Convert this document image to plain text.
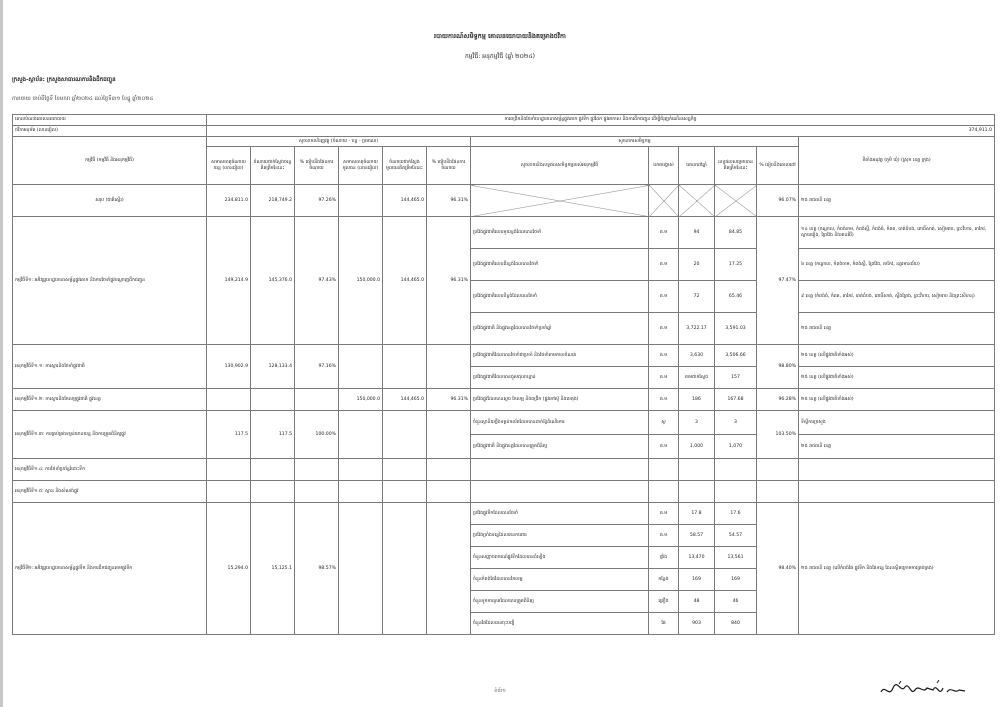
របាយការណ៍សមិទ្ធកម្ម គោលនយោបាយនិងគម្រោងថវិកា
កម្មវិធី: អនុកម្មវិធី (ឆ្នាំ ២០២៤)
ក្រសួង-ស្ថាប័ន: ក្រសួងសាធារណការនិងដឹកជញ្ជូន
ការបរាយ ចាប់ពីថ្ងៃទី ខែមករា ឆ្នាំ២០២៤ ដល់ថ្ងៃទី៣១ ខែធ្នូ ឆ្នាំ២០២៤
គោលបំណងគោលនយោបាយ	ការពង្រីកនិងថែទាំហេដ្ឋារចនាសម្ព័ន្ធផ្លូវគោក ផ្លូវទឹក ផ្លូវដែក ផ្លូវអាកាស និងការដឹកជញ្ជូន ដើម្បីជំរុញកំណើនសេដ្ឋកិច្ច											
ថវិកាអនុម័ត (លានរៀល)	374,911.0											
កម្មវិធី (កម្មវិធី និងអនុកម្មវិធី)	សូចនាករហិរញ្ញវត្ថុ (ចំណាយ - បន្ត - ប្រមាណ)						សូចនាករសមិទ្ធកម្ម					ទីតាំងអនុវត្ត (ភូមិ ឃុំ) (ស្រុក ខេត្ត ក្រុង)
	សមាសធាតុចំណាយចរន្ត (លានរៀល)	ចំណាយជាក់ស្តែងចរន្តគិតត្រឹមខែនេះ	% ធៀបនឹងផែនការចំណាយ	សមាសធាតុចំណាយមូលធន (លានរៀល)	ចំណាយជាក់ស្តែងមូលធនគិតត្រឹមខែនេះ	% ធៀបនឹងផែនការចំណាយ	សូចនាករនិងលទ្ធផលសមិទ្ធកម្មរបស់អនុកម្មវិធី	ឯកតារង្វាស់	គោលដៅឆ្នាំ	លទ្ធផលសម្រេចបានគិតត្រឹមខែនេះ	% ធៀបនឹងគោលដៅ	
សរុប (ជាតិស្ទើរ)	234,811.0	218,749.2	97.26%		144,465.0	96.31%					96.07%	២៥ រាជធានី ខេត្ត
កម្មវិធីទី១: អភិវឌ្ឍហេដ្ឋារចនាសម្ព័ន្ធផ្លូវគោក និងការថែទាំផ្លូវបណ្តាញដឹកជញ្ជូន	149,214.9	145,376.0	97.43%	150,000.0	144,465.0	96.31%	ប្រវែងផ្លូវជាតិលេខមួយខ្ទង់ដែលបានថែទាំ	គ.ម	94	84.85	97.47%	១៤ ខេត្ត (កណ្តាល, កំពង់ចាម, កំពង់ស្ពឺ, កំពង់ធំ, កំពត, បាត់ដំបង, ពោធិ៍សាត់, សៀមរាប, ព្រះវិហារ, តាកែវ, ស្វាយរៀង, ព្រៃវែង និងរតនគិរី)
							ប្រវែងផ្លូវជាតិលេខពីរខ្ទង់ដែលបានថែទាំ	គ.ម	20	17.25		៦ ខេត្ត (កណ្តាល, កំពង់ចាម, កំពង់ស្ពឺ, ព្រៃវែង, តាកែវ, ឧត្តរមានជ័យ)
							ប្រវែងផ្លូវជាតិលេខបីខ្ទង់ដែលបានថែទាំ	គ.ម	72	65.46		៩ ខេត្ត (កំពង់ធំ, កំពត, តាកែវ, បាត់ដំបង, ពោធិ៍សាត់, ស្ទឹងត្រែង, ព្រះវិហារ, សៀមរាប និងព្រះសីហនុ)
							ប្រវែងផ្លូវជាតិ និងផ្លូវខេត្តដែលបានថែទាំប្រចាំឆ្នាំ	គ.ម	3,722.17	3,591.03		២៥ រាជធានី ខេត្ត
អនុកម្មវិធីទី១.១: ការស្តារនិងថែទាំផ្លូវជាតិ	130,902.9	128,133.4	97.16%				ប្រវែងផ្លូវជាតិដែលបានថែទាំជាប្រចាំ និងថែទាំតាមកាលកំណត់	គ.ម	3,630	3,506.66	98.80%	២៥ ខេត្ត (លើផ្លូវជាតិទាំងអស់)
							ប្រវែងផ្លូវជាតិដែលបានជួសជុលបន្ទាន់	គ.ម	តាមជាក់ស្តែង	157		២៥ ខេត្ត (លើផ្លូវជាតិទាំងអស់)
អនុកម្មវិធីទី១.២: ការស្តារនិងកែលម្អផ្លូវជាតិ ផ្លូវខេត្ត				150,000.0	144,465.0	96.31%	ប្រវែងផ្លូវដែលបានស្តារ កែលម្អ និងពង្រីក (ផ្លូវកៅស៊ូ និងបេតុង)	គ.ម	186	167.68	96.28%	២៥ ខេត្ត (លើផ្លូវជាតិទាំងអស់)
អនុកម្មវិធីទី១.៣: ការគ្រប់គ្រងទម្ងន់យានយន្ត និងការត្រួតពិនិត្យផ្លូវ	117.5	117.5	100.00%				ចំនួនស្ថានីយថ្លឹងទម្ងន់ចល័តដែលបានដាក់ឱ្យដំណើរការ	ស្ថ	3	3	103.50%	ទីស្តីការក្រសួង
							ប្រវែងផ្លូវជាតិ និងផ្លូវខេត្តដែលបានត្រួតពិនិត្យ	គ.ម	1,000	1,070		២៥ រាជធានី ខេត្ត
អនុកម្មវិធីទី១.៤: ការថែទាំប្រព័ន្ធរំដោះទឹក												
អនុកម្មវិធីទី១.៥: ស្ពាន និងសំណង់ផ្លូវ												
កម្មវិធីទី២: អភិវឌ្ឍហេដ្ឋារចនាសម្ព័ន្ធផ្លូវទឹក និងការដឹកជញ្ជូនតាមផ្លូវទឹក	15,294.0	15,125.1	98.57%				ប្រវែងផ្លូវទឹកដែលបានថែទាំ	គ.ម	17.8	17.6	98.40%	២៥ រាជធានី ខេត្ត (លើកំពង់ផែ ផ្លូវទឹក និងផែទន្លេ ដែលស្ថិតក្រោមការគ្រប់គ្រង)
							ប្រវែងច្រាំងទន្លេដែលបានការពារ	គ.ម	58.57	54.57		
							ចំនួនសញ្ញាចរាចរណ៍ផ្លូវទឹកដែលបានដំឡើង	ផ្ទាំង	13,470	13,561		
							ចំនួនកំពង់ផែដែលបានកែលម្អ	កន្លែង	169	169		
							ចំនួនទូកកាណូតដែលបានត្រួតពិនិត្យ	គ្រឿង	48	46		
							ចំនួនផែដែលបានចុះបញ្ជី	ផែ	903	840		
ទំព័រ១
